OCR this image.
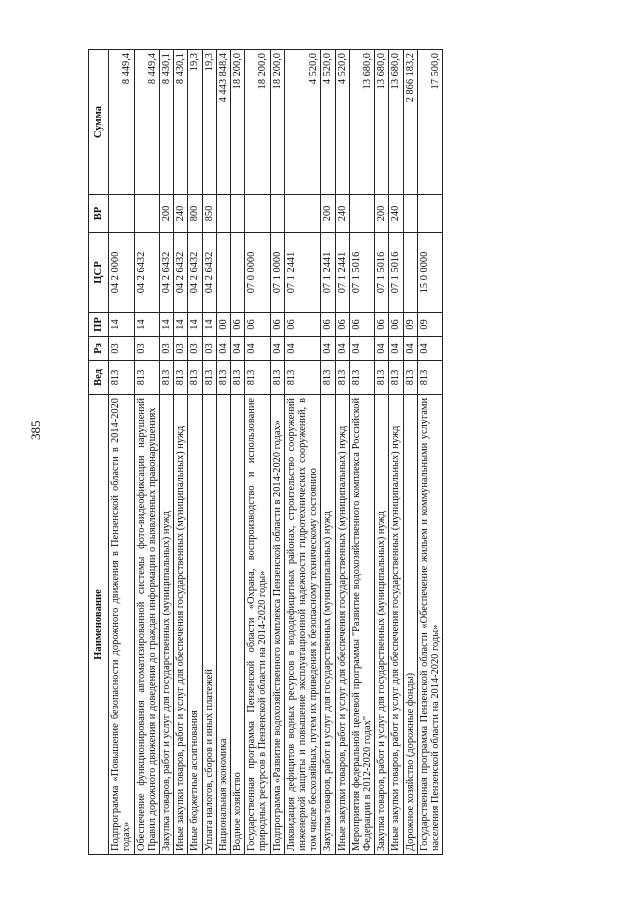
385
Наименование	Вед	Рз	ПР	ЦСР	ВР	Сумма
Подпрограмма «Повышение безопасности дорожного движения в Пензенской области в 2014-2020 годах»	813	03	14	04 2 0000		8 449,4
Обеспечение функционирования автоматизированной системы фото-видеофиксации нарушений Правил дорожного движения и доведения до граждан информации о выявленных правонарушениях	813	03	14	04 2 6432		8 449,4
Закупка товаров, работ и услуг для государственных (муниципальных) нужд	813	03	14	04 2 6432	200	8 430,1
Иные закупки товаров, работ и услуг для обеспечения государственных (муниципальных) нужд	813	03	14	04 2 6432	240	8 430,1
Иные бюджетные ассигнования	813	03	14	04 2 6432	800	19,3
Уплата налогов, сборов и иных платежей	813	03	14	04 2 6432	850	19,3
Национальная экономика	813	04	00			4 443 848,4
Водное хозяйство	813	04	06			18 200,0
Государственная программа Пензенской области «Охрана, воспроизводство и использование природных ресурсов в Пензенской области на 2014-2020 годы»	813	04	06	07 0 0000		18 200,0
Подпрограмма «Развитие водохозяйственного комплекса Пензенской области в 2014-2020 годах»	813	04	06	07 1 0000		18 200,0
Ликвидация дефицитов водных ресурсов в вододефицитных районах, строительство сооружений инженерной защиты и повышение эксплуатационной надежности гидротехнических сооружений, в том числе бесхозяйных, путем их приведения к безопасному техническому состоянию	813	04	06	07 1 2441		4 520,0
Закупка товаров, работ и услуг для государственных (муниципальных) нужд	813	04	06	07 1 2441	200	4 520,0
Иные закупки товаров, работ и услуг для обеспечения государственных (муниципальных) нужд	813	04	06	07 1 2441	240	4 520,0
Мероприятия федеральной целевой программы "Развитие водохозяйственного комплекса Российской Федерации в 2012-2020 годах"	813	04	06	07 1 5016		13 680,0
Закупка товаров, работ и услуг для государственных (муниципальных) нужд	813	04	06	07 1 5016	200	13 680,0
Иные закупки товаров, работ и услуг для обеспечения государственных (муниципальных) нужд	813	04	06	07 1 5016	240	13 680,0
Дорожное хозяйство (дорожные фонды)	813	04	09			2 866 183,2
Государственная программа Пензенской области «Обеспечение жильем и коммунальными услугами населения Пензенской области на 2014-2020 годы»	813	04	09	15 0 0000		17 500,0
